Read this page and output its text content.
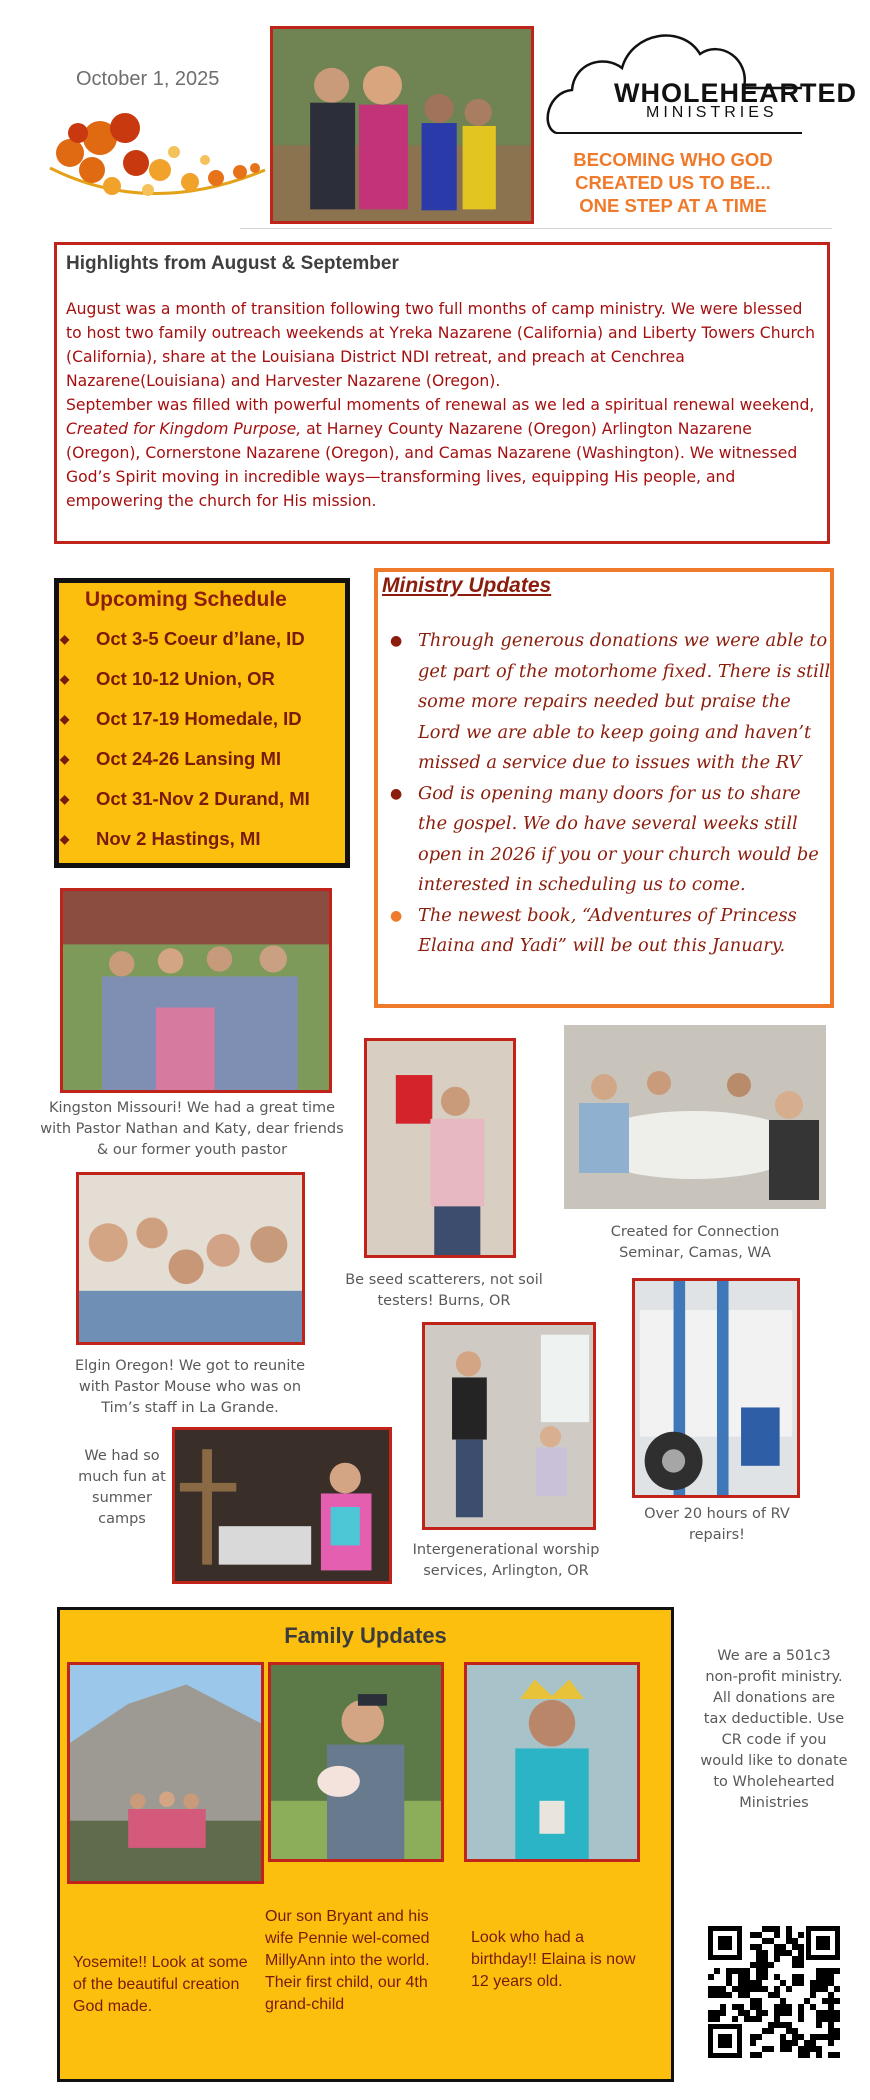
October 1, 2025	WHOLEHEARTED
MINISTRIES
BECOMING WHO GOD
CREATED US TO BE...
ONE STEP AT A TIME
Highlights from August & September
August was a month of transition following two full months of camp ministry. We were blessed to host two family outreach weekends at Yreka Nazarene (California) and Liberty Towers Church (California), share at the Louisiana District NDI retreat, and preach at Cenchrea Nazarene(Louisiana) and Harvester Nazarene (Oregon).
September was filled with powerful moments of renewal as we led a spiritual renewal weekend, Created for Kingdom Purpose, at Harney County Nazarene (Oregon) Arlington Nazarene (Oregon), Cornerstone Nazarene (Oregon), and Camas Nazarene (Washington). We witnessed God’s Spirit moving in incredible ways—transforming lives, equipping His people, and empowering the church for His mission.
Upcoming Schedule
◆ Oct 3-5 Coeur d’lane, ID
◆ Oct 10-12 Union, OR
◆ Oct 17-19 Homedale, ID
◆ Oct 24-26 Lansing MI
◆ Oct 31-Nov 2 Durand, MI
◆ Nov 2 Hastings, MI
Ministry Updates
● Through generous donations we were able to get part of the motorhome fixed. There is still some more repairs needed but praise the Lord we are able to keep going and haven’t missed a service due to issues with the RV
● God is opening many doors for us to share the gospel. We do have several weeks still open in 2026 if you or your church would be interested in scheduling us to come.
● The newest book, “Adventures of Princess Elaina and Yadi” will be out this January.
Kingston Missouri! We had a great time with Pastor Nathan and Katy, dear friends & our former youth pastor
Be seed scatterers, not soil testers! Burns, OR
Created for Connection Seminar, Camas, WA
Elgin Oregon! We got to reunite with Pastor Mouse who was on Tim’s staff in La Grande.
We had so much fun at summer camps
Intergenerational worship services, Arlington, OR
Over 20 hours of RV repairs!
Family Updates
Yosemite!! Look at some of the beautiful creation God made.
Our son Bryant and his wife Pennie wel-comed MillyAnn into the world. Their first child, our 4th grand-child
Look who had a birthday!! Elaina is now 12 years old.
We are a 501c3 non-profit ministry. All donations are tax deductible. Use CR code if you would like to donate to Wholehearted Ministries
